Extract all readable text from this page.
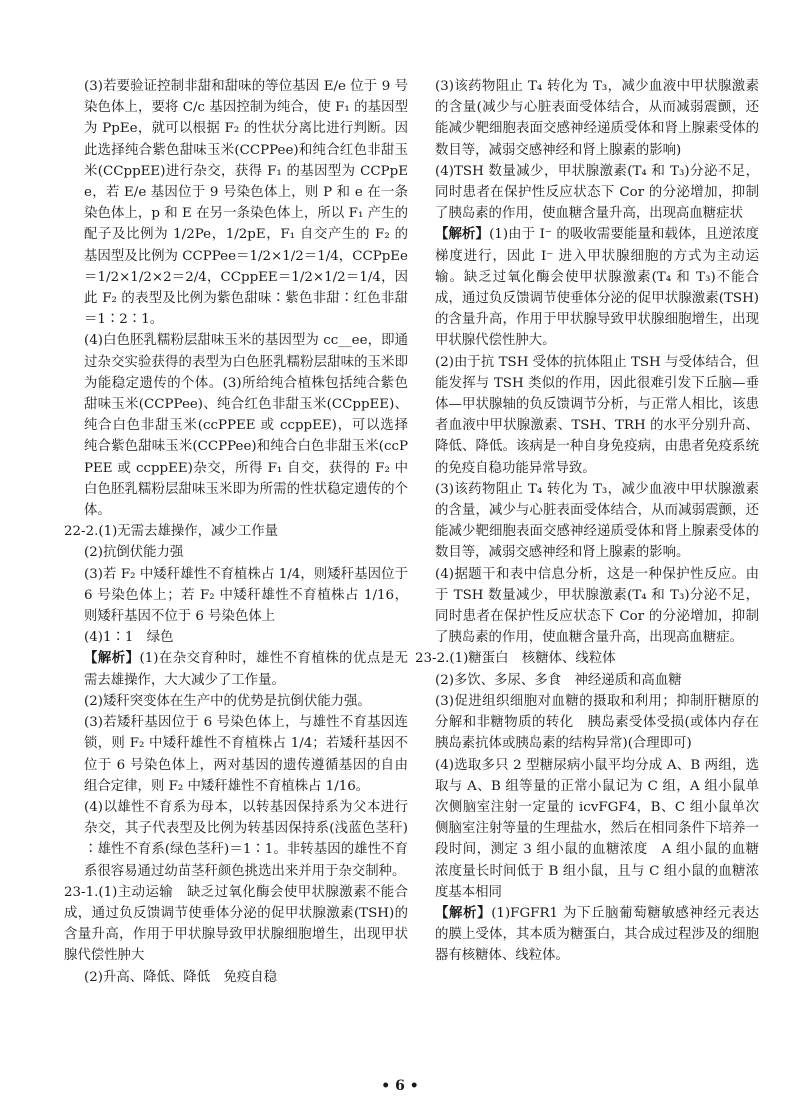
(3)若要验证控制非甜和甜味的等位基因 E/e 位于 9 号染色体上，要将 C/c 基因控制为纯合，使 F₁ 的基因型为 PpEe，就可以根据 F₂ 的性状分离比进行判断。因此选择纯合紫色甜味玉米(CCPPee)和纯合红色非甜玉米(CCppEE)进行杂交，获得 F₁ 的基因型为 CCPpEe，若 E/e 基因位于 9 号染色体上，则 P 和 e 在一条染色体上，p 和 E 在另一条染色体上，所以 F₁ 产生的配子及比例为 1/2Pe，1/2pE，F₁ 自交产生的 F₂ 的基因型及比例为 CCPPee＝1/2×1/2＝1/4，CCPpEe＝1/2×1/2×2＝2/4，CCppEE＝1/2×1/2＝1/4，因此 F₂ 的表型及比例为紫色甜味∶紫色非甜∶红色非甜＝1∶2∶1。

(4)白色胚乳糯粉层甜味玉米的基因型为 cc__ee，即通过杂交实验获得的表型为白色胚乳糯粉层甜味的玉米即为能稳定遗传的个体。(3)所给纯合植株包括纯合紫色甜味玉米(CCPPee)、纯合红色非甜玉米(CCppEE)、纯合白色非甜玉米(ccPPEE 或 ccppEE)，可以选择纯合紫色甜味玉米(CCPPee)和纯合白色非甜玉米(ccPPEE 或 ccppEE)杂交，所得 F₁ 自交，获得的 F₂ 中白色胚乳糯粉层甜味玉米即为所需的性状稳定遗传的个体。

22-2.(1)无需去雄操作，减少工作量

(2)抗倒伏能力强

(3)若 F₂ 中矮秆雄性不育植株占 1/4，则矮秆基因位于 6 号染色体上；若 F₂ 中矮秆雄性不育植株占 1/16，则矮秆基因不位于 6 号染色体上

(4)1∶1　绿色

【解析】(1)在杂交育种时，雄性不育植株的优点是无需去雄操作，大大减少了工作量。

(2)矮秆突变体在生产中的优势是抗倒伏能力强。

(3)若矮秆基因位于 6 号染色体上，与雄性不育基因连锁，则 F₂ 中矮秆雄性不育植株占 1/4；若矮秆基因不位于 6 号染色体上，两对基因的遗传遵循基因的自由组合定律，则 F₂ 中矮秆雄性不育植株占 1/16。

(4)以雄性不育系为母本，以转基因保持系为父本进行杂交，其子代表型及比例为转基因保持系(浅蓝色茎秆)∶雄性不育系(绿色茎秆)＝1∶1。非转基因的雄性不育系很容易通过幼苗茎秆颜色挑选出来并用于杂交制种。

23-1.(1)主动运输　缺乏过氧化酶会使甲状腺激素不能合成，通过负反馈调节使垂体分泌的促甲状腺激素(TSH)的含量升高，作用于甲状腺导致甲状腺细胞增生，出现甲状腺代偿性肿大

(2)升高、降低、降低　免疫自稳

(3)该药物阻止 T₄ 转化为 T₃，减少血液中甲状腺激素的含量(减少与心脏表面受体结合，从而减弱震颤，还能减少靶细胞表面交感神经递质受体和肾上腺素受体的数目等，减弱交感神经和肾上腺素的影响)

(4)TSH 数量减少，甲状腺激素(T₄ 和 T₃)分泌不足，同时患者在保护性反应状态下 Cor 的分泌增加，抑制了胰岛素的作用，使血糖含量升高，出现高血糖症状

【解析】(1)由于 I⁻ 的吸收需要能量和载体，且逆浓度梯度进行，因此 I⁻ 进入甲状腺细胞的方式为主动运输。缺乏过氧化酶会使甲状腺激素(T₄ 和 T₃)不能合成，通过负反馈调节使垂体分泌的促甲状腺激素(TSH)的含量升高，作用于甲状腺导致甲状腺细胞增生，出现甲状腺代偿性肿大。

(2)由于抗 TSH 受体的抗体阻止 TSH 与受体结合，但能发挥与 TSH 类似的作用，因此很难引发下丘脑—垂体—甲状腺轴的负反馈调节分析，与正常人相比，该患者血液中甲状腺激素、TSH、TRH 的水平分别升高、降低、降低。该病是一种自身免疫病，由患者免疫系统的免疫自稳功能异常导致。

(3)该药物阻止 T₄ 转化为 T₃，减少血液中甲状腺激素的含量，减少与心脏表面受体结合，从而减弱震颤，还能减少靶细胞表面交感神经递质受体和肾上腺素受体的数目等，减弱交感神经和肾上腺素的影响。

(4)据题干和表中信息分析，这是一种保护性反应。由于 TSH 数量减少，甲状腺激素(T₄ 和 T₃)分泌不足，同时患者在保护性反应状态下 Cor 的分泌增加，抑制了胰岛素的作用，使血糖含量升高，出现高血糖症。

23-2.(1)糖蛋白　核糖体、线粒体

(2)多饮、多尿、多食　神经递质和高血糖

(3)促进组织细胞对血糖的摄取和利用；抑制肝糖原的分解和非糖物质的转化　胰岛素受体受损(或体内存在胰岛素抗体或胰岛素的结构异常)(合理即可)

(4)选取多只 2 型糖尿病小鼠平均分成 A、B 两组，选取与 A、B 组等量的正常小鼠记为 C 组，A 组小鼠单次侧脑室注射一定量的 icvFGF4，B、C 组小鼠单次侧脑室注射等量的生理盐水，然后在相同条件下培养一段时间，测定 3 组小鼠的血糖浓度　A 组小鼠的血糖浓度量长时间低于 B 组小鼠，且与 C 组小鼠的血糖浓度基本相同

【解析】(1)FGFR1 为下丘脑葡萄糖敏感神经元表达的膜上受体，其本质为糖蛋白，其合成过程涉及的细胞器有核糖体、线粒体。

• 6 •
